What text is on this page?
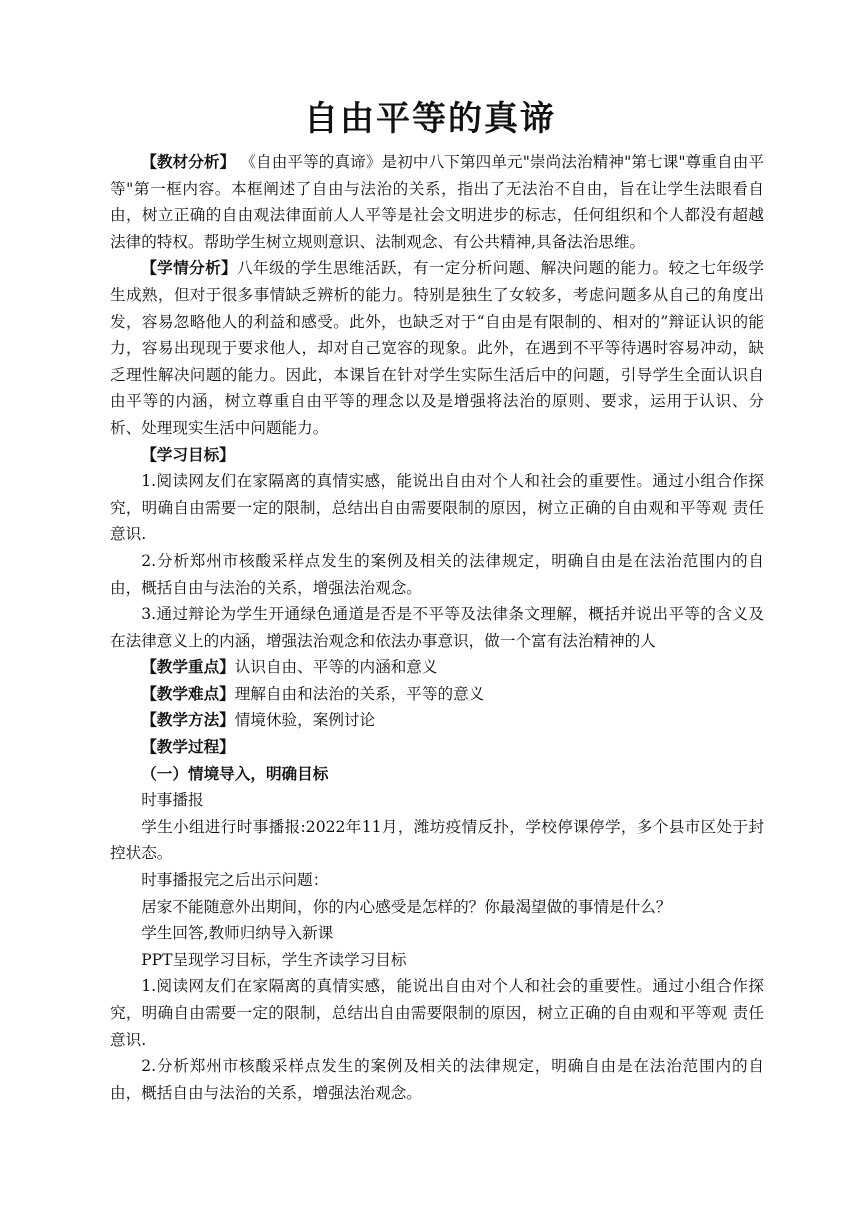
自由平等的真谛

【教材分析】 《自由平等的真谛》是初中八下第四单元"崇尚法治精神"第七课"尊重自由平等"第一框内容。本框阐述了自由与法治的关系，指出了无法治不自由，旨在让学生法眼看自由，树立正确的自由观法律面前人人平等是社会文明进步的标志，任何组织和个人都没有超越法律的特权。帮助学生树立规则意识、法制观念、有公共精神,具备法治思维。

【学情分析】八年级的学生思维活跃，有一定分析问题、解决问题的能力。较之七年级学生成熟，但对于很多事情缺乏辨析的能力。特别是独生了女较多，考虑问题多从自己的角度出发，容易忽略他人的利益和感受。此外，也缺乏对于“自由是有限制的、相对的”辩证认识的能力，容易出现现于要求他人，却对自己宽容的现象。此外，在遇到不平等待遇时容易冲动，缺乏理性解决问题的能力。因此，本课旨在针对学生实际生活后中的问题，引导学生全面认识自由平等的内涵，树立尊重自由平等的理念以及是增强将法治的原则、要求，运用于认识、分析、处理现实生活中问题能力。

【学习目标】

1.阅读网友们在家隔离的真情实感，能说出自由对个人和社会的重要性。通过小组合作探究，明确自由需要一定的限制，总结出自由需要限制的原因，树立正确的自由观和平等观 责任意识.

2.分析郑州市核酸采样点发生的案例及相关的法律规定，明确自由是在法治范围内的自由，概括自由与法治的关系，增强法治观念。

3.通过辩论为学生开通绿色通道是否是不平等及法律条文理解，概括并说出平等的含义及在法律意义上的内涵，增强法治观念和依法办事意识，做一个富有法治精神的人

【教学重点】认识自由、平等的内涵和意义

【教学难点】理解自由和法治的关系，平等的意义

【教学方法】情境休验，案例讨论

【教学过程】

（一）情境导入，明确目标

时事播报

学生小组进行时事播报:2022年11月，潍坊疫情反扑，学校停课停学，多个县市区处于封控状态。

时事播报完之后出示问题：

居家不能随意外出期间，你的内心感受是怎样的？你最渴望做的事情是什么？

学生回答,教师归纳导入新课

PPT呈现学习目标，学生齐读学习目标

1.阅读网友们在家隔离的真情实感，能说出自由对个人和社会的重要性。通过小组合作探究，明确自由需要一定的限制，总结出自由需要限制的原因，树立正确的自由观和平等观 责任意识.

2.分析郑州市核酸采样点发生的案例及相关的法律规定，明确自由是在法治范围内的自由，概括自由与法治的关系，增强法治观念。
